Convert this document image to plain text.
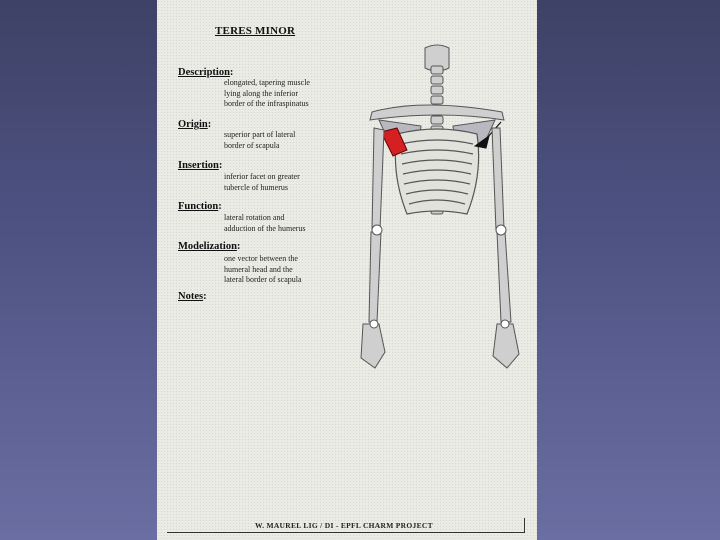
TERES MINOR
Description:
elongated, tapering muscle
lying along the inferior
border of the infraspinatus
Origin:
superior part of lateral
border of scapula
Insertion:
inferior facet on greater
tubercle of humerus
Function:
lateral rotation and
adduction of the humerus
Modelization:
one vector between the
humeral head and the
lateral border of scapula
Notes:
W. MAUREL LIG / DI - EPFL CHARM PROJECT
